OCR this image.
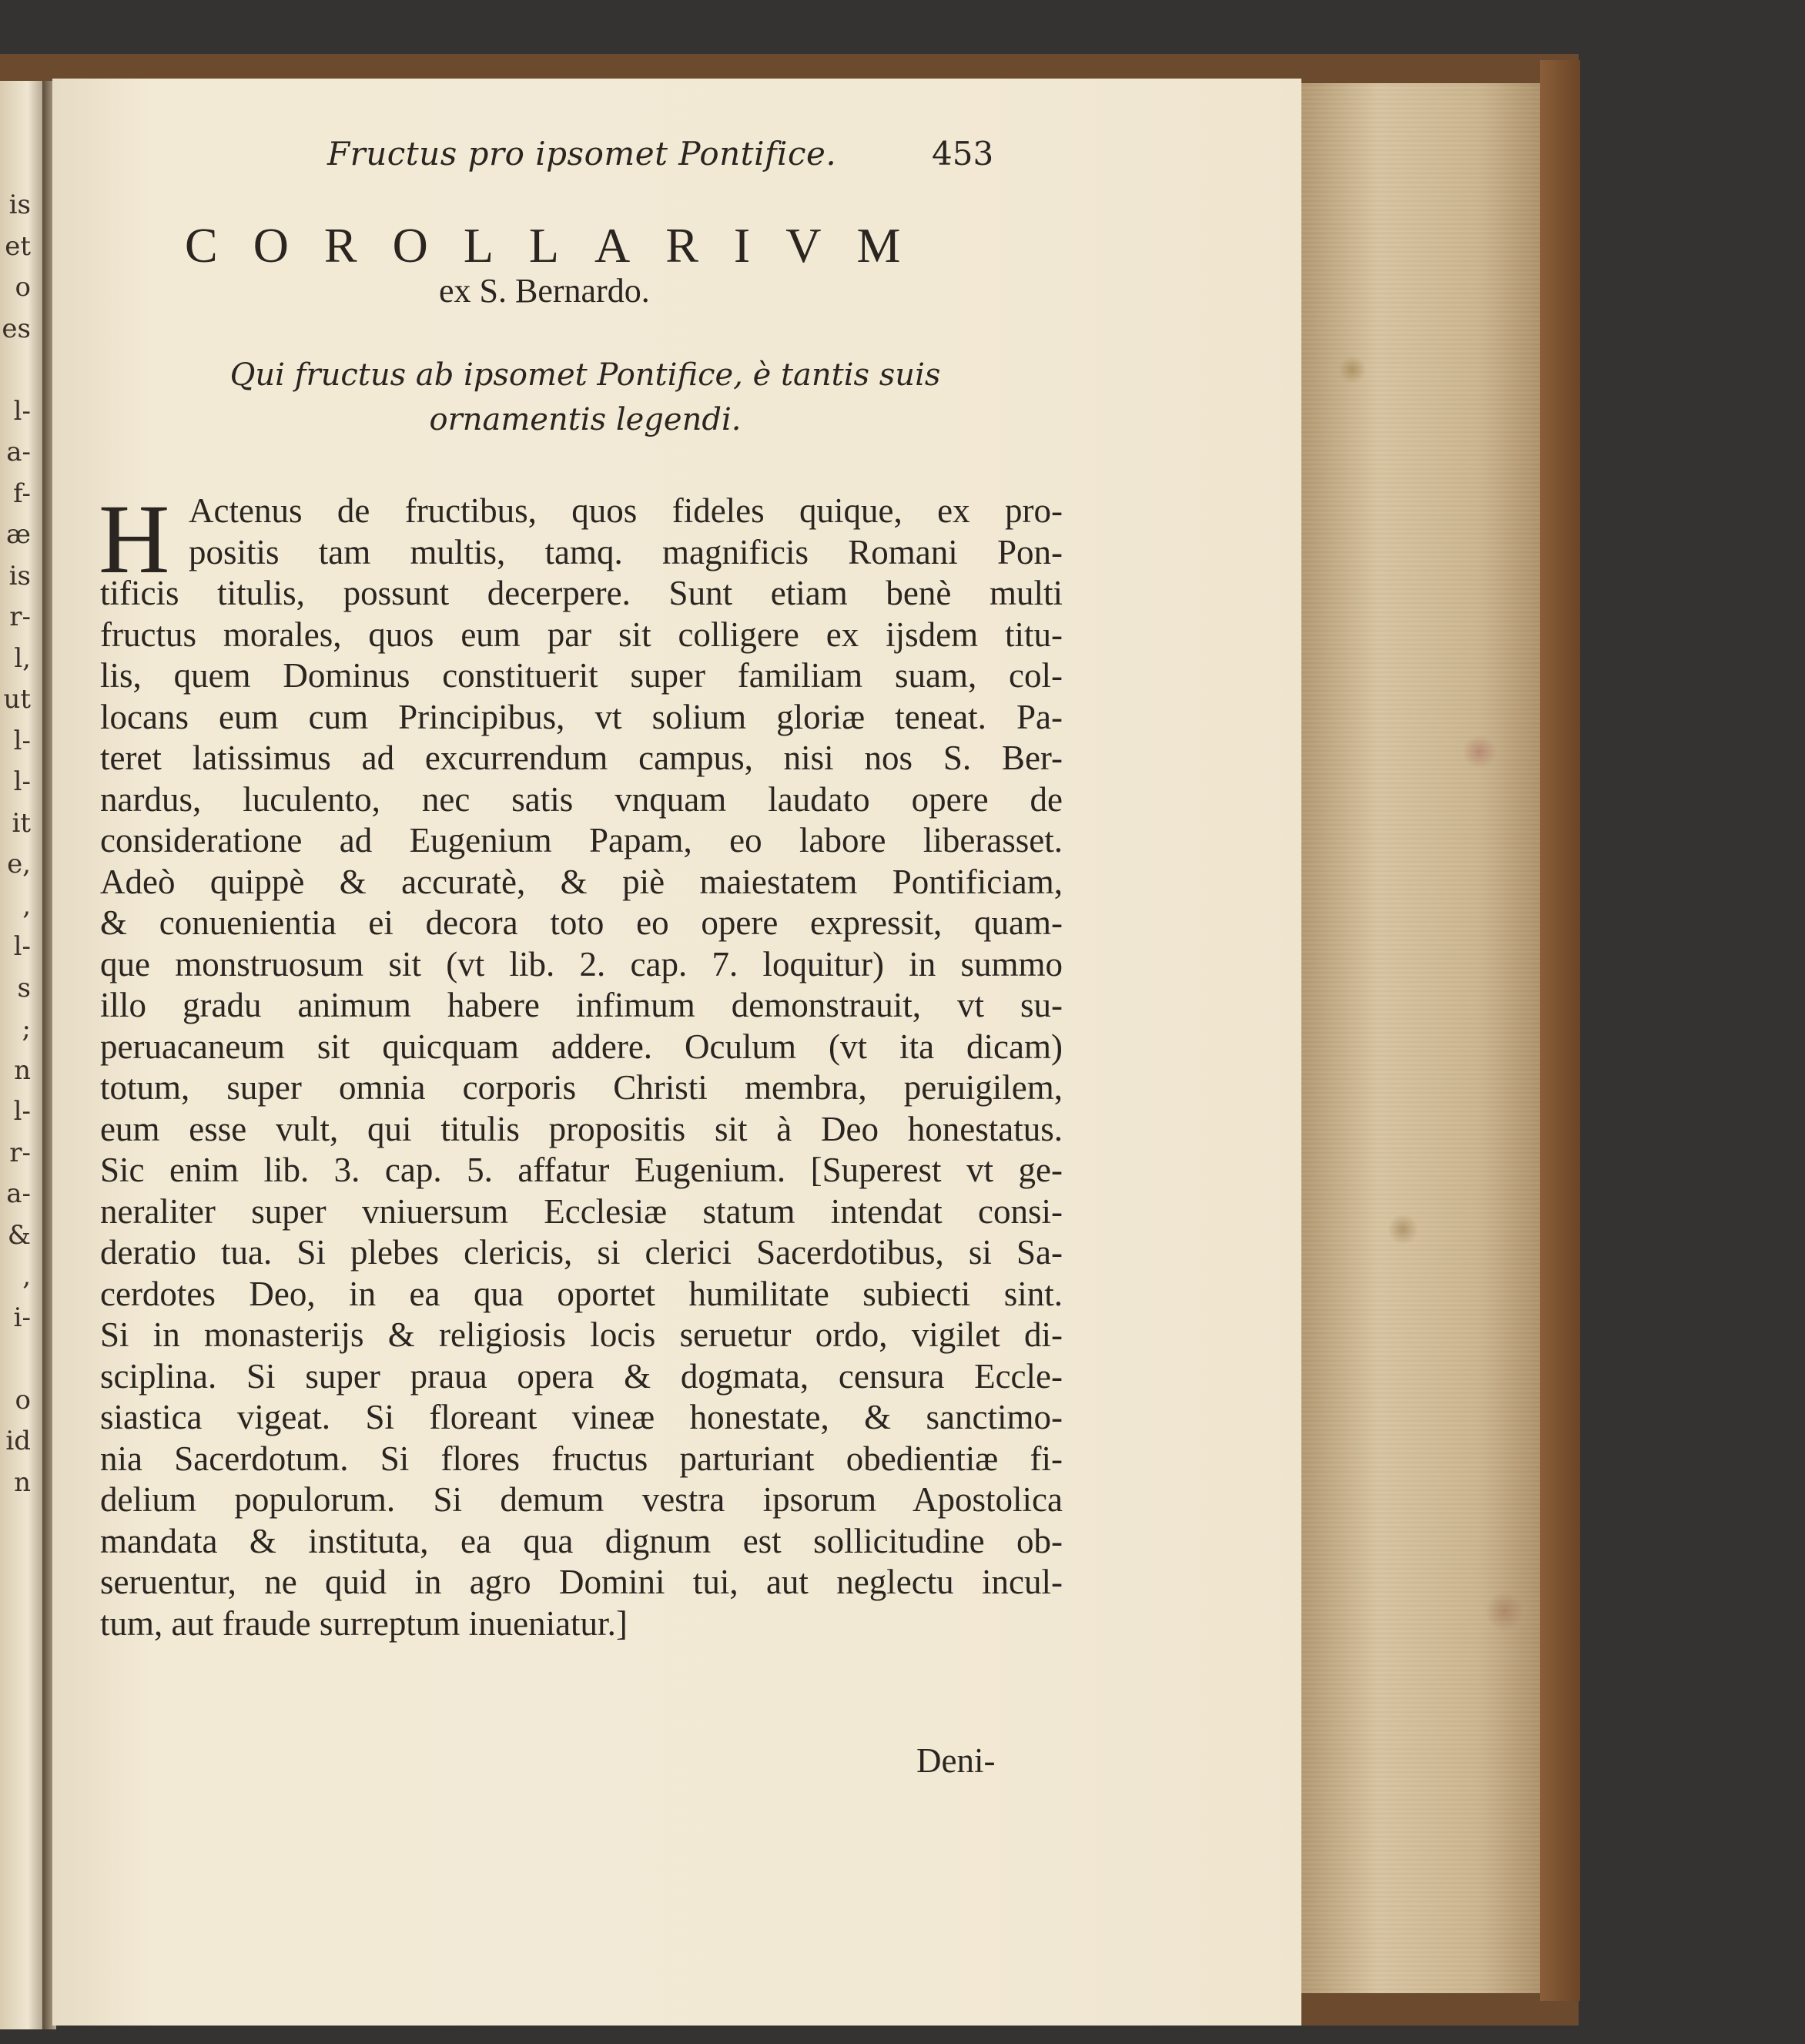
is
et
o
es
l-
a-
f-
æ
is
r-
l,
ut
l-
l-
it
e,
,
l-
s
;
n
l-
r-
a-
&
,
i-
o
id
n
Fructus pro ipsomet Pontifice.	453
COROLLARIVM
ex S. Bernardo.
Qui fructus ab ipsomet Pontifice, è tantis suis
ornamentis legendi.
H Actenus de fructibus, quos fideles quique, ex pro-
positis tam multis, tamq. magnificis Romani Pon-
tificis titulis, possunt decerpere. Sunt etiam benè multi
fructus morales, quos eum par sit colligere ex ijsdem titu-
lis, quem Dominus constituerit super familiam suam, col-
locans eum cum Principibus, vt solium gloriæ teneat. Pa-
teret latissimus ad excurrendum campus, nisi nos S. Ber-
nardus, luculento, nec satis vnquam laudato opere de
consideratione ad Eugenium Papam, eo labore liberasset.
Adeò quippè & accuratè, & piè maiestatem Pontificiam,
& conuenientia ei decora toto eo opere expressit, quam-
que monstruosum sit (vt lib. 2. cap. 7. loquitur) in summo
illo gradu animum habere infimum demonstrauit, vt su-
peruacaneum sit quicquam addere. Oculum (vt ita dicam)
totum, super omnia corporis Christi membra, peruigilem,
eum esse vult, qui titulis propositis sit à Deo honestatus.
Sic enim lib. 3. cap. 5. affatur Eugenium. [Superest vt ge-
neraliter super vniuersum Ecclesiæ statum intendat consi-
deratio tua. Si plebes clericis, si clerici Sacerdotibus, si Sa-
cerdotes Deo, in ea qua oportet humilitate subiecti sint.
Si in monasterijs & religiosis locis seruetur ordo, vigilet di-
sciplina. Si super praua opera & dogmata, censura Eccle-
siastica vigeat. Si floreant vineæ honestate, & sanctimo-
nia Sacerdotum. Si flores fructus parturiant obedientiæ fi-
delium populorum. Si demum vestra ipsorum Apostolica
mandata & instituta, ea qua dignum est sollicitudine ob-
seruentur, ne quid in agro Domini tui, aut neglectu incul-
tum, aut fraude surreptum inueniatur.]
Deni-
